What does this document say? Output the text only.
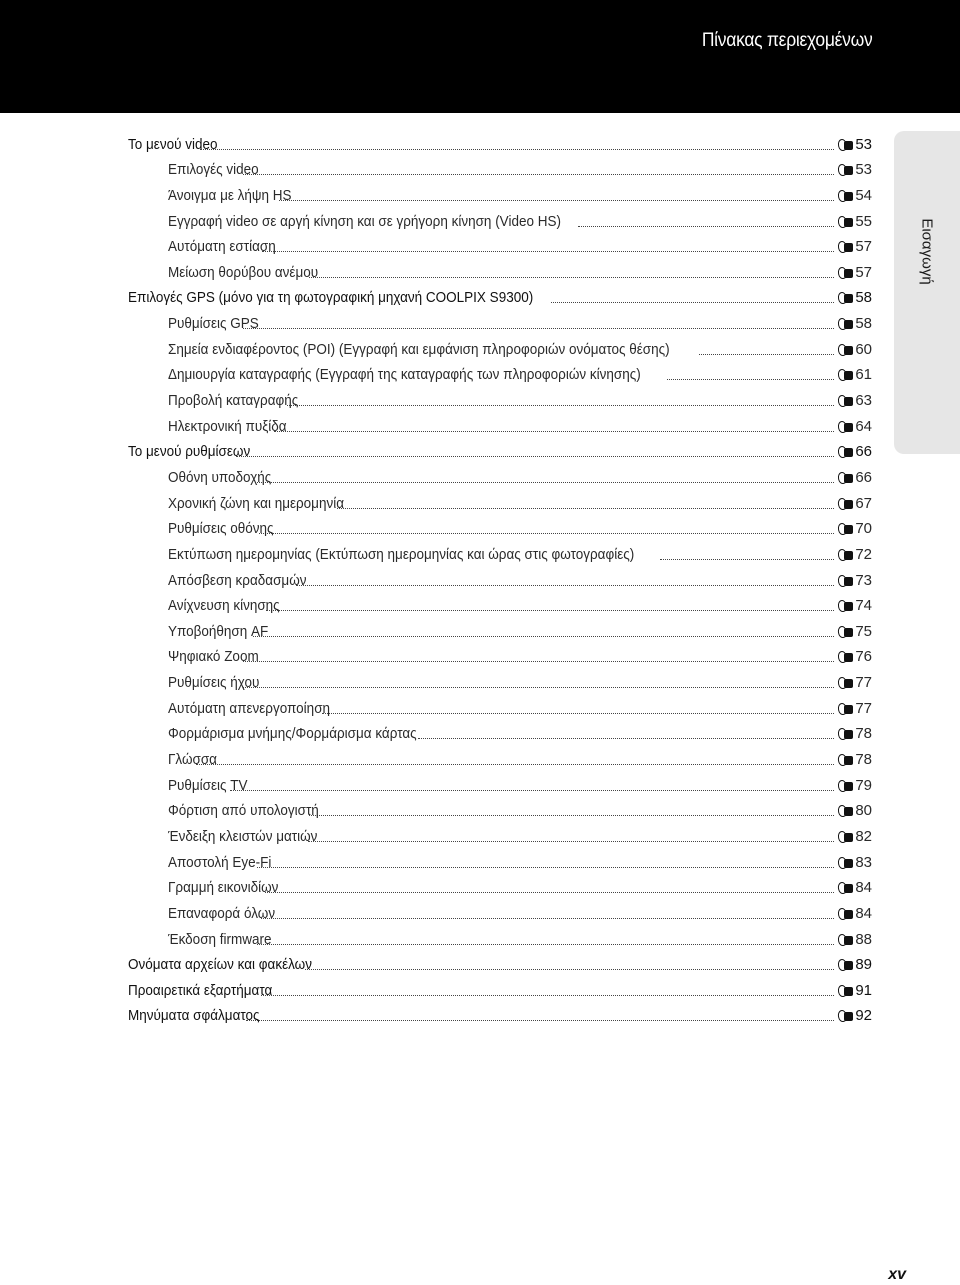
Πίνακας περιεχομένων
Εισαγωγή
Το μενού video	53
Επιλογές video	53
Άνοιγμα με λήψη HS	54
Εγγραφή video σε αργή κίνηση και σε γρήγορη κίνηση (Video HS)	55
Αυτόματη εστίαση	57
Μείωση θορύβου ανέμου	57
Επιλογές GPS (μόνο για τη φωτογραφική μηχανή COOLPIX S9300)	58
Ρυθμίσεις GPS	58
Σημεία ενδιαφέροντος (POI) (Εγγραφή και εμφάνιση πληροφοριών ονόματος θέσης)	60
Δημιουργία καταγραφής (Εγγραφή της καταγραφής των πληροφοριών κίνησης)	61
Προβολή καταγραφής	63
Ηλεκτρονική πυξίδα	64
Το μενού ρυθμίσεων	66
Οθόνη υποδοχής	66
Χρονική ζώνη και ημερομηνία	67
Ρυθμίσεις οθόνης	70
Εκτύπωση ημερομηνίας (Εκτύπωση ημερομηνίας και ώρας στις φωτογραφίες)	72
Απόσβεση κραδασμών	73
Ανίχνευση κίνησης	74
Υποβοήθηση AF	75
Ψηφιακό Zoom	76
Ρυθμίσεις ήχου	77
Αυτόματη απενεργοποίηση	77
Φορμάρισμα μνήμης/Φορμάρισμα κάρτας	78
Γλώσσα	78
Ρυθμίσεις TV	79
Φόρτιση από υπολογιστή	80
Ένδειξη κλειστών ματιών	82
Αποστολή Eye-Fi	83
Γραμμή εικονιδίων	84
Επαναφορά όλων	84
Έκδοση firmware	88
Ονόματα αρχείων και φακέλων	89
Προαιρετικά εξαρτήματα	91
Μηνύματα σφάλματος	92
xv
